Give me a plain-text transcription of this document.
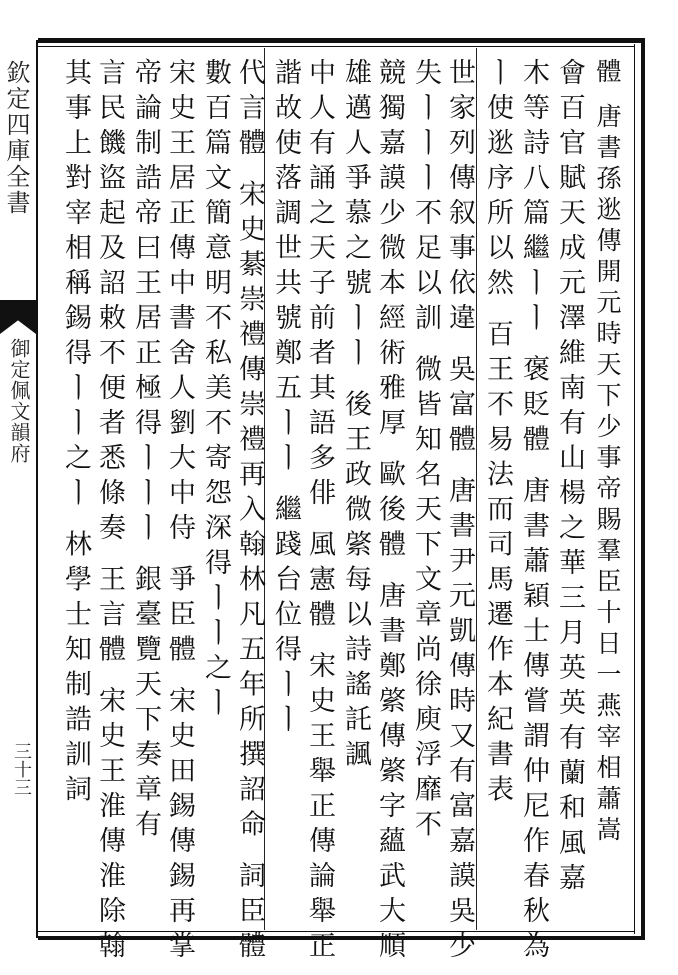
欽定四庫全書
御定佩文韻府
三十三	體 唐書孫逖傳開元時天下少事帝賜羣臣十日一燕宰相蕭嵩
會百官賦天成元澤維南有山楊之華三月英英有蘭和風嘉
木等詩八篇繼ㅣㅣ 褒貶體 唐書蕭穎士傳嘗謂仲尼作春秋為
ㅣ使逖序所以然 百王不易法而司馬遷作本紀書表
世家列傳叙事依違 吳富體 唐書尹元凱傳時又有富嘉謨吳少
失ㅣㅣㅣ不足以訓 微皆知名天下文章尚徐庾浮靡不
競獨嘉謨少微本經術雅厚 歐後體 唐書鄭綮傳綮字蘊武大順
雄邁人爭慕之號ㅣㅣ 後王政微綮每以詩謠託諷
中人有誦之天子前者其語多俳 風憲體 宋史王舉正傳論舉正
諧故使落調世共號鄭五ㅣㅣ 繼踐台位得ㅣㅣ
代言體 宋史綦崇禮傳崇禮再入翰林凡五年所撰詔命 詞臣體
數百篇文簡意明不私美不寄怨深得ㅣㅣ之ㅣ
宋史王居正傳中書舍人劉大中侍 爭臣體 宋史田錫傳錫再掌
帝論制誥帝曰王居正極得ㅣㅣㅣ 銀臺覽天下奏章有
言民饑盜起及詔敕不便者悉條奏 王言體 宋史王淮傳淮除翰
其事上對宰相稱錫得ㅣㅣ之ㅣ 林學士知制誥訓詞
